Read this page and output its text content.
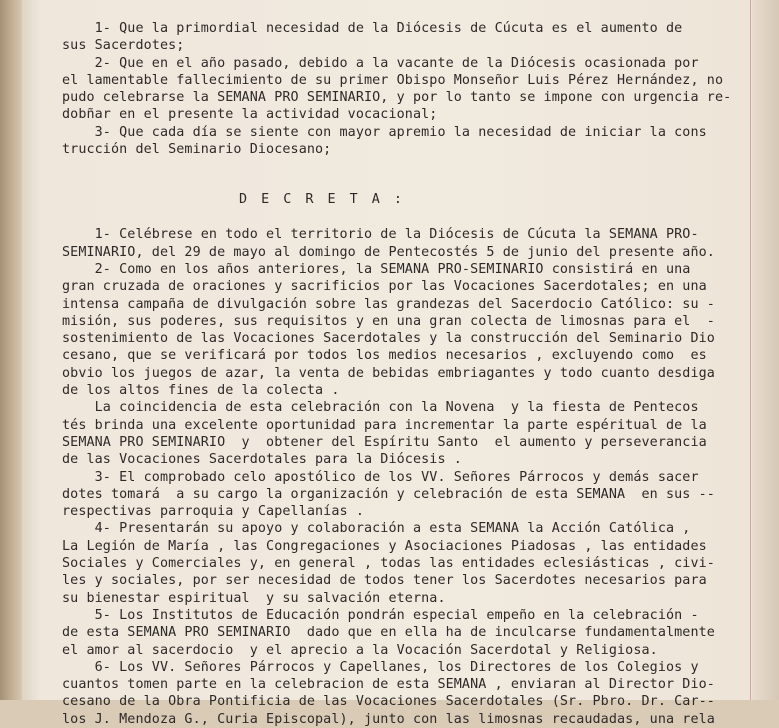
1- Que la primordial necesidad de la Diócesis de Cúcuta es el aumento de
sus Sacerdotes;
2- Que en el año pasado, debido a la vacante de la Diócesis ocasionada por
el lamentable fallecimiento de su primer Obispo Monseñor Luis Pérez Hernández, no
pudo celebrarse la SEMANA PRO SEMINARIO, y por lo tanto se impone con urgencia re-
dobñar en el presente la actividad vocacional;
3- Que cada día se siente con mayor apremio la necesidad de iniciar la cons
trucción del Seminario Diocesano;
D E C R E T A :
1- Celébrese en todo el territorio de la Diócesis de Cúcuta la SEMANA PRO-
SEMINARIO, del 29 de mayo al domingo de Pentecostés 5 de junio del presente año.
2- Como en los años anteriores, la SEMANA PRO-SEMINARIO consistirá en una
gran cruzada de oraciones y sacrificios por las Vocaciones Sacerdotales; en una
intensa campaña de divulgación sobre las grandezas del Sacerdocio Católico: su -
misión, sus poderes, sus requisitos y en una gran colecta de limosnas para el  -
sostenimiento de las Vocaciones Sacerdotales y la construcción del Seminario Dio
cesano, que se verificará por todos los medios necesarios , excluyendo como  es
obvio los juegos de azar, la venta de bebidas embriagantes y todo cuanto desdiga
de los altos fines de la colecta .
La coincidencia de esta celebración con la Novena  y la fiesta de Pentecos
tés brinda una excelente oportunidad para incrementar la parte espéritual de la
SEMANA PRO SEMINARIO  y  obtener del Espíritu Santo  el aumento y perseverancia
de las Vocaciones Sacerdotales para la Diócesis .
3- El comprobado celo apostólico de los VV. Señores Párrocos y demás sacer
dotes tomará  a su cargo la organización y celebración de esta SEMANA  en sus --
respectivas parroquia y Capellanías .
4- Presentarán su apoyo y colaboración a esta SEMANA la Acción Católica ,
La Legión de María , las Congregaciones y Asociaciones Piadosas , las entidades
Sociales y Comerciales y, en general , todas las entidades eclesiásticas , civi-
les y sociales, por ser necesidad de todos tener los Sacerdotes necesarios para
su bienestar espiritual  y su salvación eterna.
5- Los Institutos de Educación pondrán especial empeño en la celebración -
de esta SEMANA PRO SEMINARIO  dado que en ella ha de inculcarse fundamentalmente
el amor al sacerdocio  y el aprecio a la Vocación Sacerdotal y Religiosa.
6- Los VV. Señores Párrocos y Capellanes, los Directores de los Colegios y
cuantos tomen parte en la celebracion de esta SEMANA , enviaran al Director Dio-
cesano de la Obra Pontificia de las Vocaciones Sacerdotales (Sr. Pbro. Dr. Car--
los J. Mendoza G., Curia Episcopal), junto con las limosnas recaudadas, una rela
